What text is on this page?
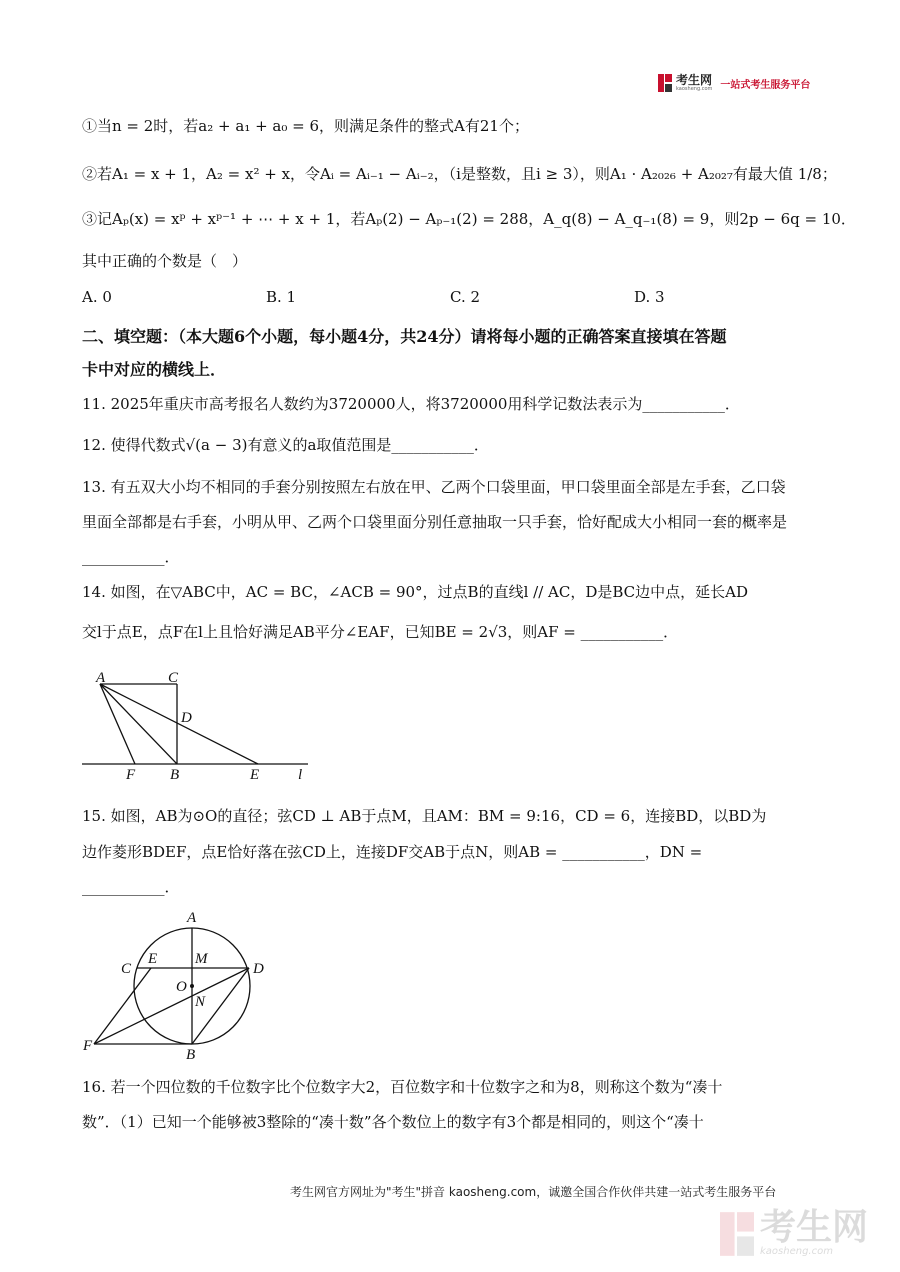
考生网
kaosheng.com 一站式考生服务平台
①当n = 2时，若a₂ + a₁ + a₀ = 6，则满足条件的整式A有21个；
②若A₁ = x + 1，A₂ = x² + x，令Aᵢ = Aᵢ₋₁ − Aᵢ₋₂，（i是整数，且i ≥ 3），则A₁ · A₂₀₂₆ + A₂₀₂₇有最大值 1/8；
③记Aₚ(x) = xᵖ + xᵖ⁻¹ + ⋯ + x + 1，若Aₚ(2) − Aₚ₋₁(2) = 288，A_q(8) − A_q₋₁(8) = 9，则2p − 6q = 10．
其中正确的个数是（　）
A. 0	B. 1	C. 2	D. 3
二、填空题：（本大题6个小题，每小题4分，共24分）请将每小题的正确答案直接填在答题
卡中对应的横线上．
11. 2025年重庆市高考报名人数约为3720000人，将3720000用科学记数法表示为___________．
12. 使得代数式√(a − 3)有意义的a取值范围是___________．
13. 有五双大小均不相同的手套分别按照左右放在甲、乙两个口袋里面，甲口袋里面全部是左手套，乙口袋
里面全部都是右手套，小明从甲、乙两个口袋里面分别任意抽取一只手套，恰好配成大小相同一套的概率是
___________．
14. 如图，在▽ABC中，AC = BC，∠ACB = 90°，过点B的直线l // AC，D是BC边中点，延长AD
交l于点E，点F在l上且恰好满足AB平分∠EAF，已知BE = 2√3，则AF = ___________．
A	C
D
F B	E	l
15. 如图，AB为⊙O的直径；弦CD ⊥ AB于点M，且AM：BM = 9:16，CD = 6，连接BD，以BD为
边作菱形BDEF，点E恰好落在弦CD上，连接DF交AB于点N，则AB = ___________，DN =
___________．
A
C
E	M
D
O
N
F
B
16. 若一个四位数的千位数字比个位数字大2，百位数字和十位数字之和为8，则称这个数为“凑十
数”．（1）已知一个能够被3整除的“凑十数”各个数位上的数字有3个都是相同的，则这个“凑十
考生网官方网址为"考生"拼音 kaosheng.com，诚邀全国合作伙伴共建一站式考生服务平台
考生网
kaosheng.com
